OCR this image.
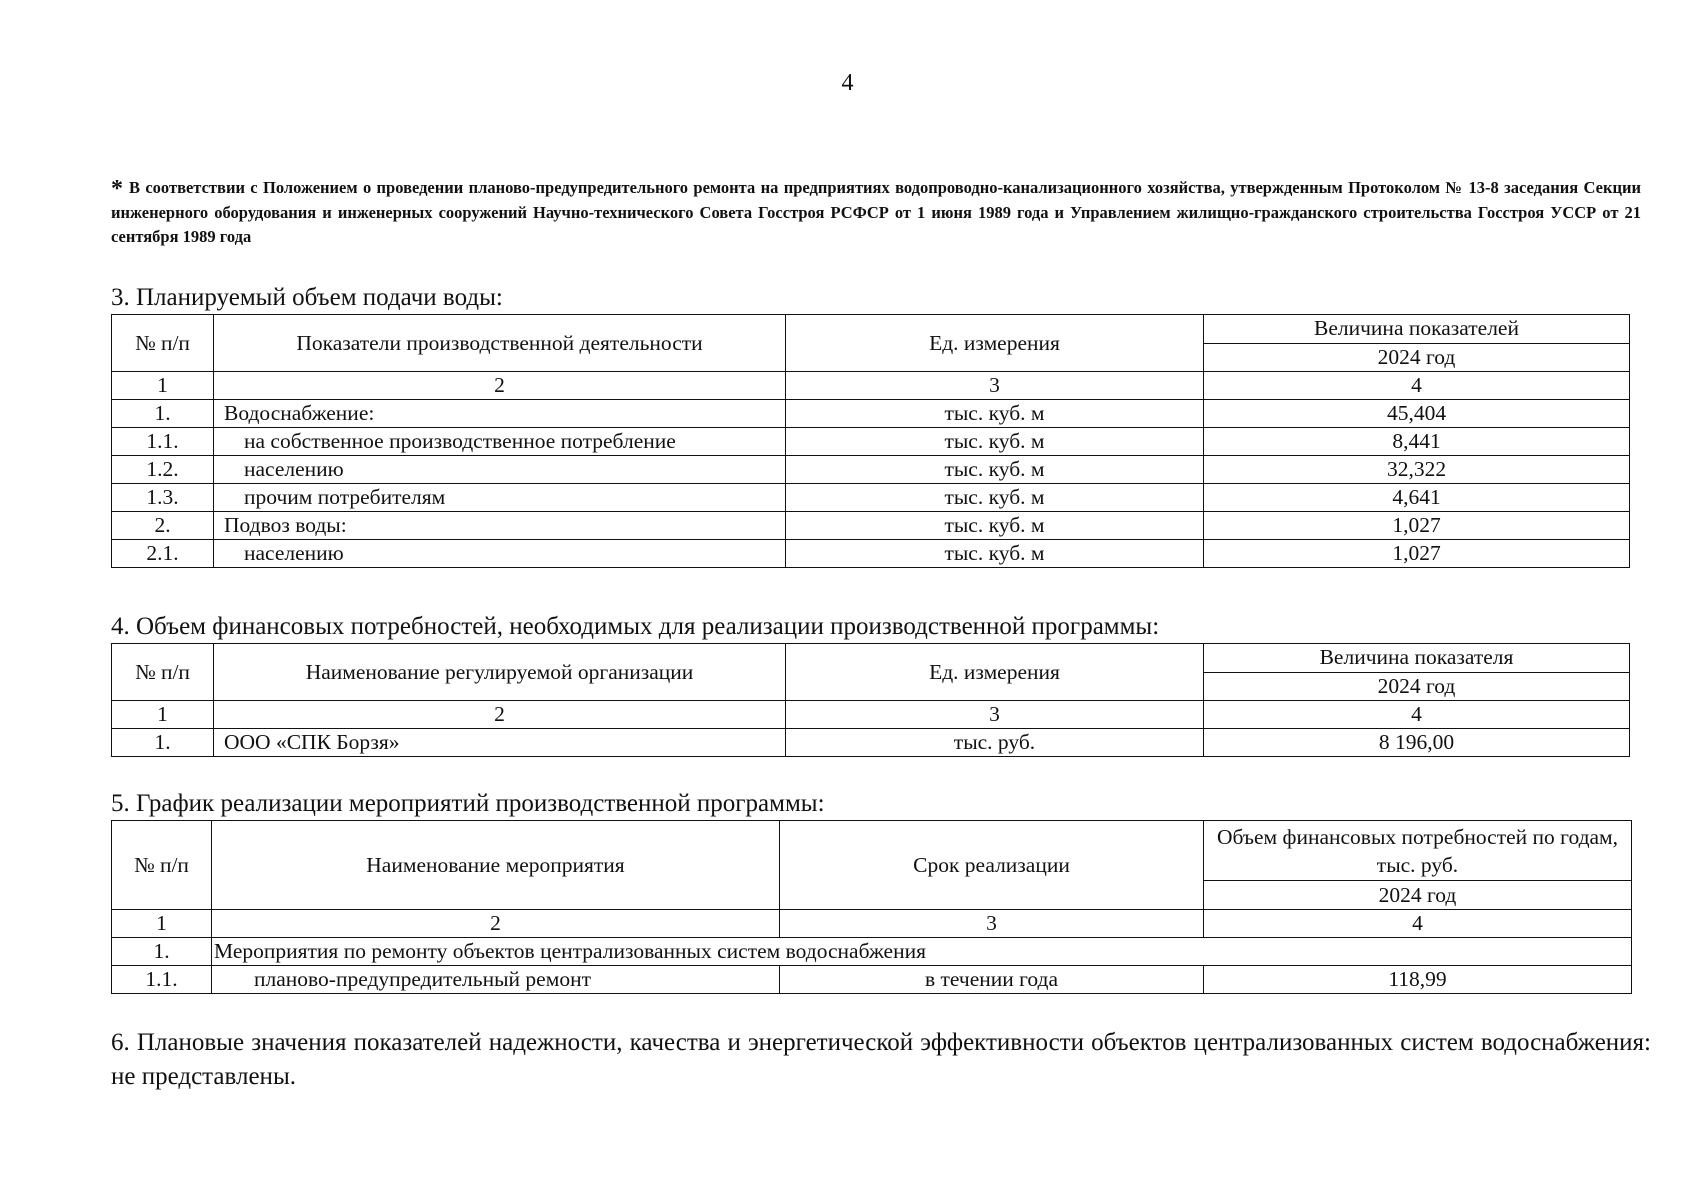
4
* В соответствии с Положением о проведении планово-предупредительного ремонта на предприятиях водопроводно-канализационного хозяйства, утвержденным Протоколом № 13-8 заседания Секции инженерного оборудования и инженерных сооружений Научно-технического Совета Госстроя РСФСР от 1 июня 1989 года и Управлением жилищно-гражданского строительства Госстроя УССР от 21 сентября 1989 года
3. Планируемый объем подачи воды:
№ п/п	Показатели производственной деятельности	Ед. измерения	Величина показателей
			2024 год
1	2	3	4
1.	Водоснабжение:	тыс. куб. м	45,404
1.1.	на собственное производственное потребление	тыс. куб. м	8,441
1.2.	населению	тыс. куб. м	32,322
1.3.	прочим потребителям	тыс. куб. м	4,641
2.	Подвоз воды:	тыс. куб. м	1,027
2.1.	населению	тыс. куб. м	1,027
4. Объем финансовых потребностей, необходимых для реализации производственной программы:
№ п/п	Наименование регулируемой организации	Ед. измерения	Величина показателя
			2024 год
1	2	3	4
1.	ООО «СПК Борзя»	тыс. руб.	8 196,00
5. График реализации мероприятий производственной программы:
№ п/п	Наименование мероприятия	Срок реализации	Объем финансовых потребностей по годам, тыс. руб.
			2024 год
1	2	3	4
1.	Мероприятия по ремонту объектов централизованных систем водоснабжения		
1.1.	планово-предупредительный ремонт	в течении года	118,99
6. Плановые значения показателей надежности, качества и энергетической эффективности объектов централизованных систем водоснабжения: не представлены.
